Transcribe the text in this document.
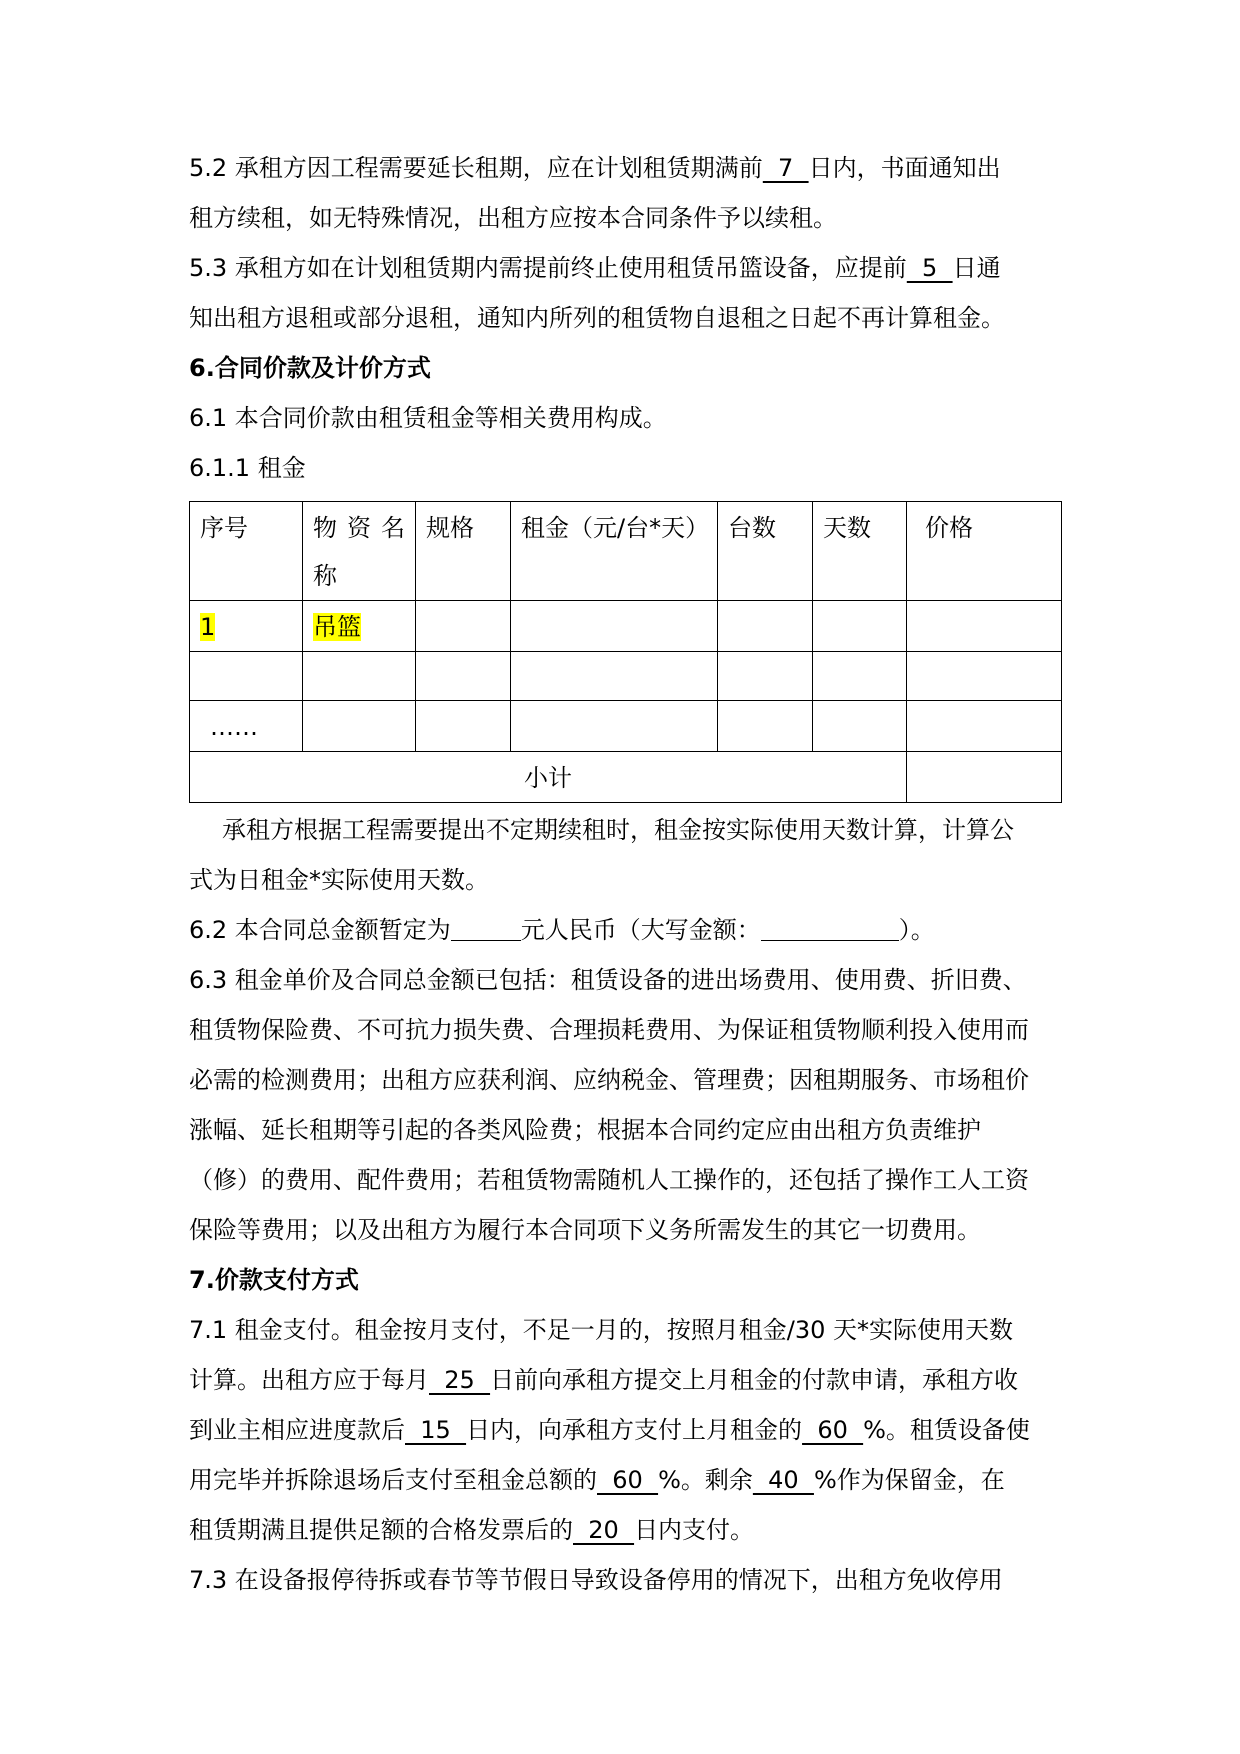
5.2 承租方因工程需要延长租期，应在计划租赁期满前  7  日内，书面通知出

租方续租，如无特殊情况，出租方应按本合同条件予以续租。

5.3 承租方如在计划租赁期内需提前终止使用租赁吊篮设备，应提前  5  日通

知出租方退租或部分退租，通知内所列的租赁物自退租之日起不再计算租金。

6.合同价款及计价方式

6.1 本合同价款由租赁租金等相关费用构成。

6.1.1 租金

序号	物资名称	规格	租金（元/台*天）	台数	天数	价格
1	吊篮					

……						
小计						

承租方根据工程需要提出不定期续租时，租金按实际使用天数计算，计算公

式为日租金*实际使用天数。

6.2 本合同总金额暂定为	元人民币（大写金额：	）。

6.3 租金单价及合同总金额已包括：租赁设备的进出场费用、使用费、折旧费、

租赁物保险费、不可抗力损失费、合理损耗费用、为保证租赁物顺利投入使用而

必需的检测费用；出租方应获利润、应纳税金、管理费；因租期服务、市场租价

涨幅、延长租期等引起的各类风险费；根据本合同约定应由出租方负责维护

（修）的费用、配件费用；若租赁物需随机人工操作的，还包括了操作工人工资

保险等费用；以及出租方为履行本合同项下义务所需发生的其它一切费用。

7.价款支付方式

7.1 租金支付。租金按月支付，不足一月的，按照月租金/30 天*实际使用天数

计算。出租方应于每月  25  日前向承租方提交上月租金的付款申请，承租方收

到业主相应进度款后  15  日内，向承租方支付上月租金的  60  %。租赁设备使

用完毕并拆除退场后支付至租金总额的  60  %。剩余  40  %作为保留金，在

租赁期满且提供足额的合格发票后的  20  日内支付。

7.3 在设备报停待拆或春节等节假日导致设备停用的情况下，出租方免收停用
